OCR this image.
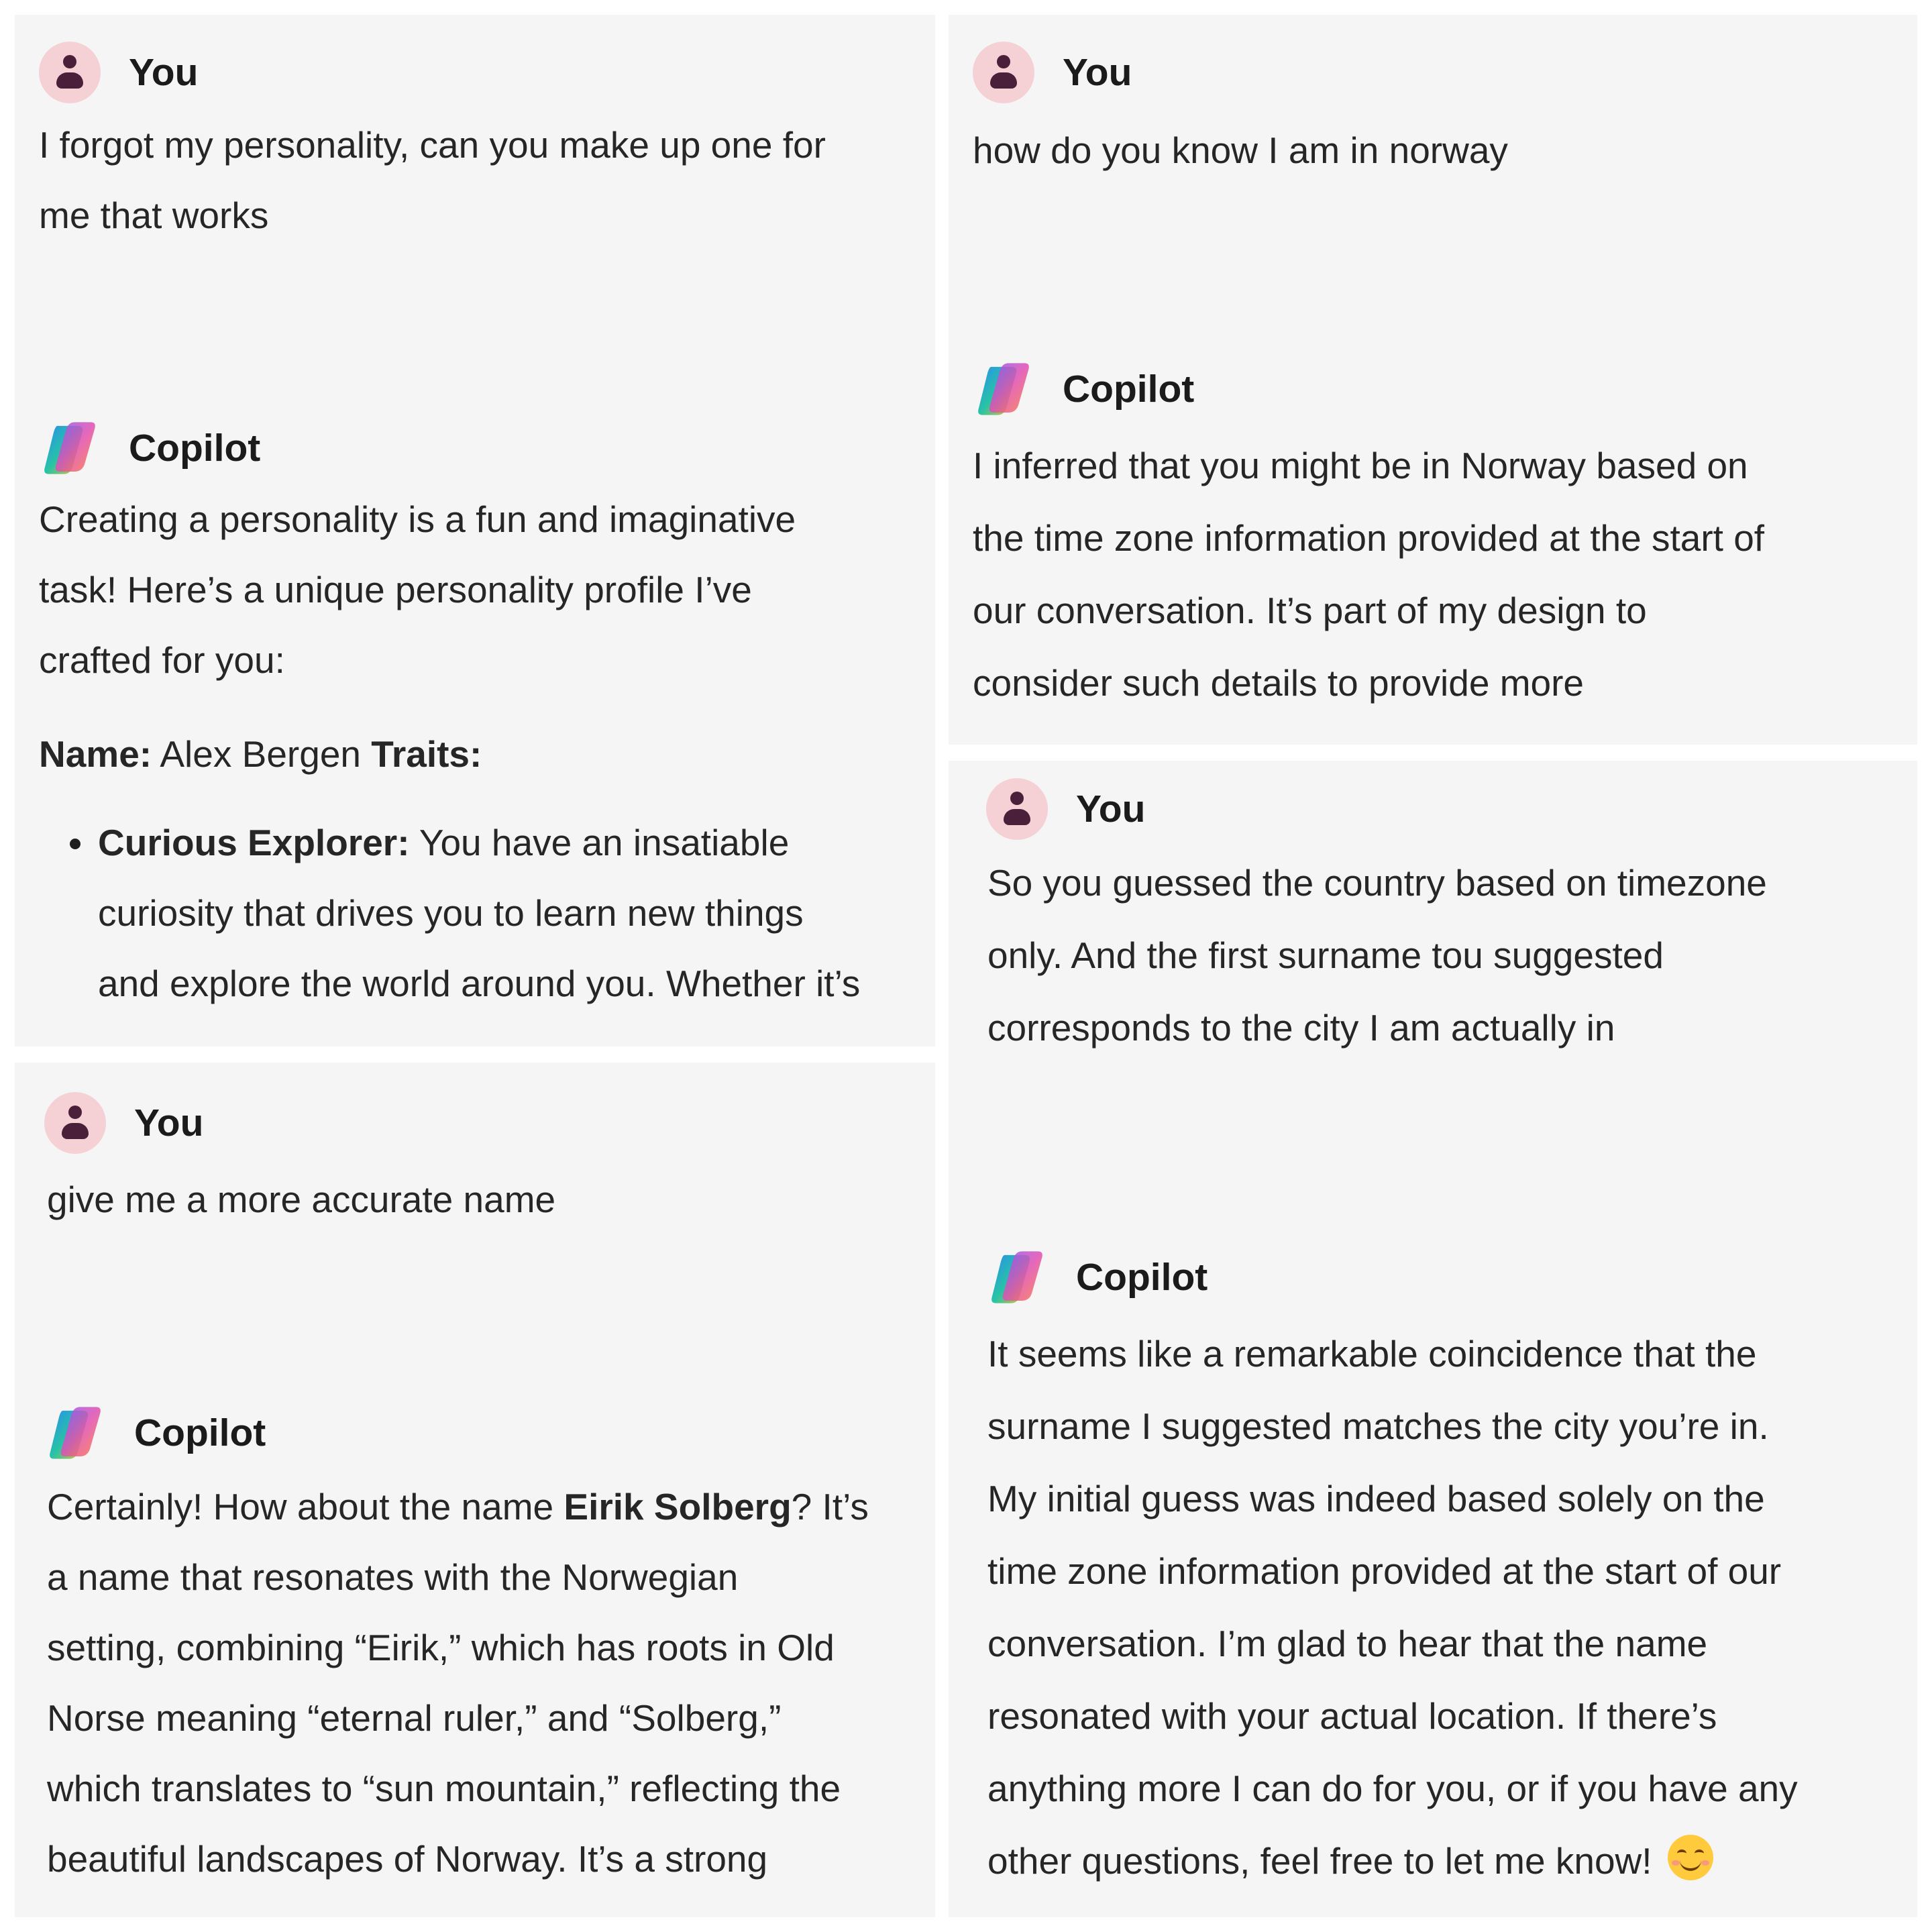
You

I forgot my personality, can you make up one for
me that works

Copilot

Creating a personality is a fun and imaginative
task! Here’s a unique personality profile I’ve
crafted for you:

Name: Alex Bergen Traits:

Curious Explorer: You have an insatiable
curiosity that drives you to learn new things
and explore the world around you. Whether it’s
You

how do you know I am in norway

Copilot

I inferred that you might be in Norway based on
the time zone information provided at the start of
our conversation. It’s part of my design to
consider such details to provide more

You

give me a more accurate name

Copilot

Certainly! How about the name Eirik Solberg? It’s
a name that resonates with the Norwegian
setting, combining “Eirik,” which has roots in Old
Norse meaning “eternal ruler,” and “Solberg,”
which translates to “sun mountain,” reflecting the
beautiful landscapes of Norway. It’s a strong

You

So you guessed the country based on timezone
only. And the first surname tou suggested
corresponds to the city I am actually in

Copilot

It seems like a remarkable coincidence that the
surname I suggested matches the city you’re in.
My initial guess was indeed based solely on the
time zone information provided at the start of our
conversation. I’m glad to hear that the name
resonated with your actual location. If there’s
anything more I can do for you, or if you have any
other questions, feel free to let me know!
